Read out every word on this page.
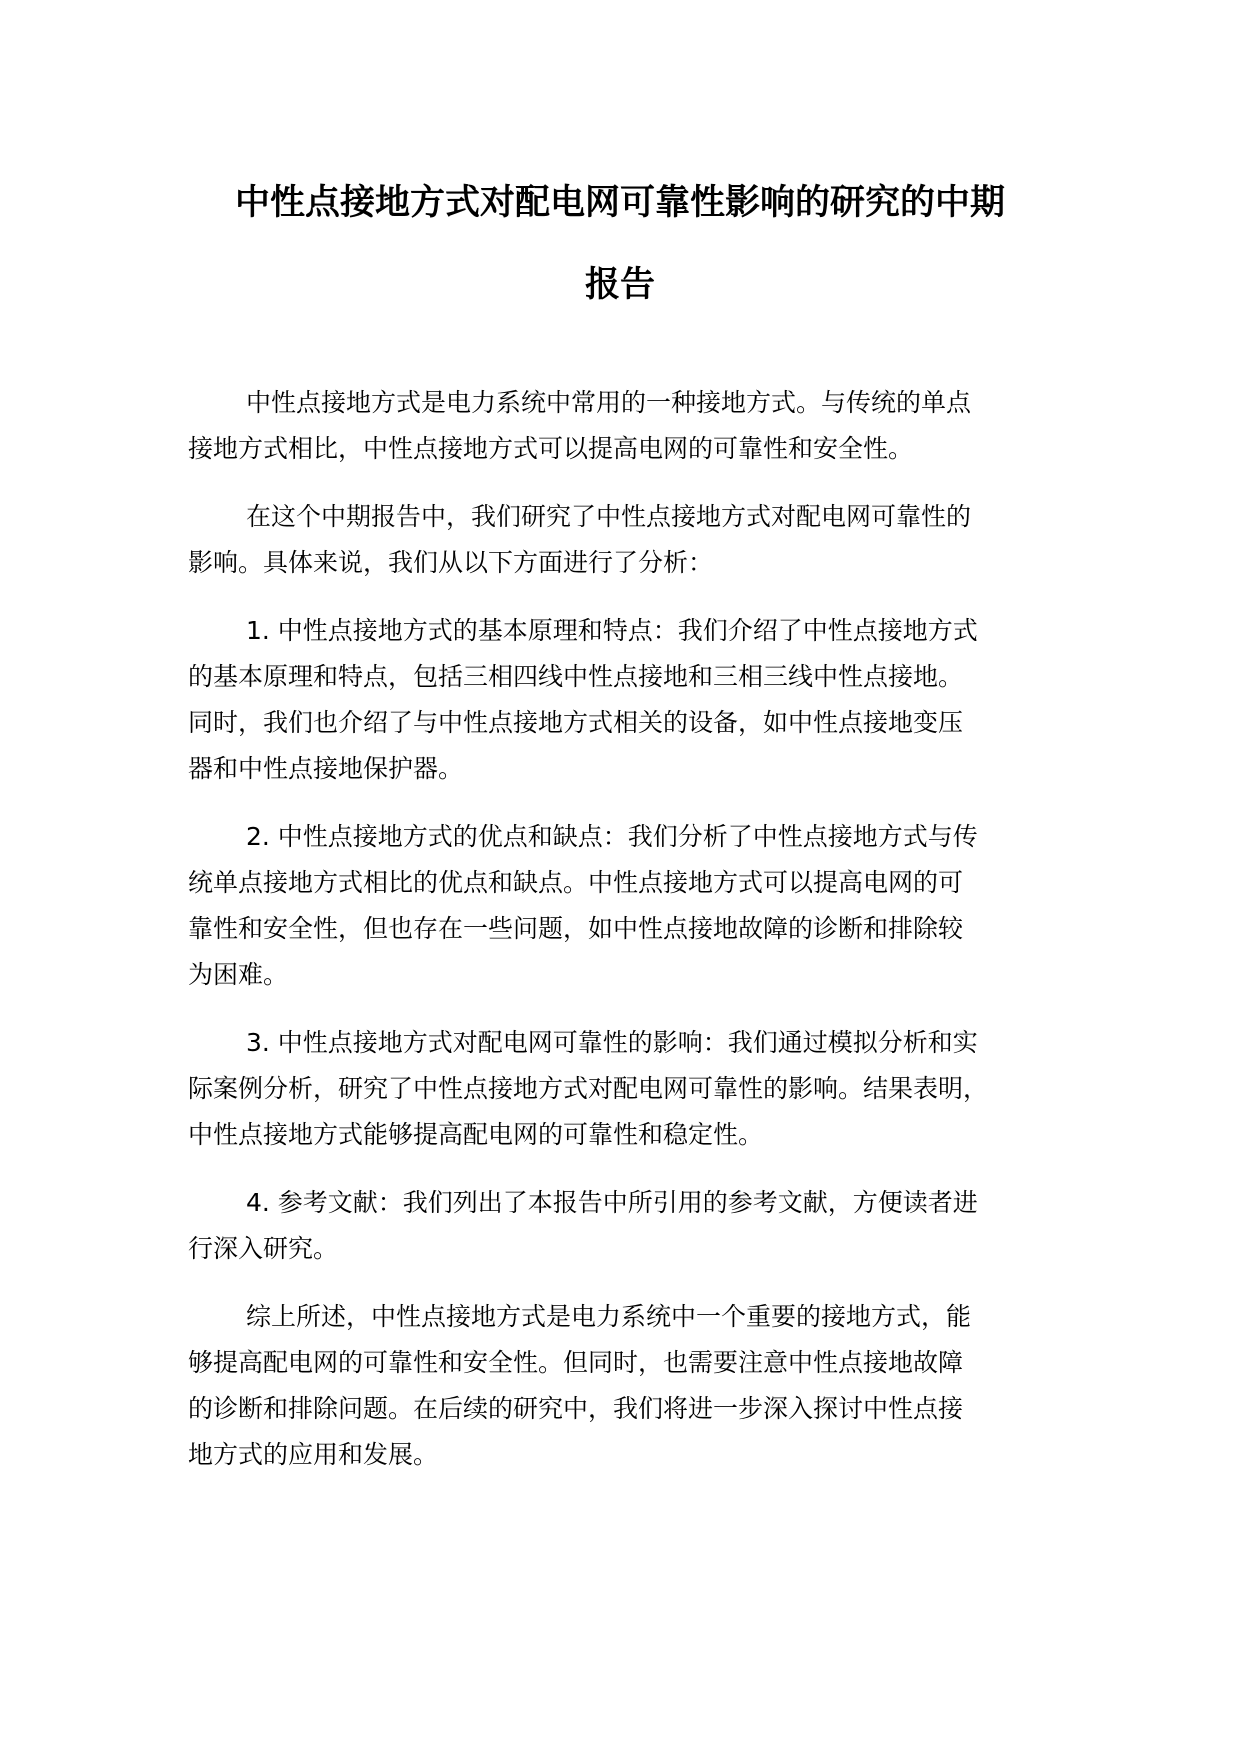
中性点接地方式对配电网可靠性影响的研究的中期
报告

中性点接地方式是电力系统中常用的一种接地方式。与传统的单点
接地方式相比，中性点接地方式可以提高电网的可靠性和安全性。

在这个中期报告中，我们研究了中性点接地方式对配电网可靠性的
影响。具体来说，我们从以下方面进行了分析：

1. 中性点接地方式的基本原理和特点：我们介绍了中性点接地方式
的基本原理和特点，包括三相四线中性点接地和三相三线中性点接地。
同时，我们也介绍了与中性点接地方式相关的设备，如中性点接地变压
器和中性点接地保护器。

2. 中性点接地方式的优点和缺点：我们分析了中性点接地方式与传
统单点接地方式相比的优点和缺点。中性点接地方式可以提高电网的可
靠性和安全性，但也存在一些问题，如中性点接地故障的诊断和排除较
为困难。

3. 中性点接地方式对配电网可靠性的影响：我们通过模拟分析和实
际案例分析，研究了中性点接地方式对配电网可靠性的影响。结果表明，
中性点接地方式能够提高配电网的可靠性和稳定性。

4. 参考文献：我们列出了本报告中所引用的参考文献，方便读者进
行深入研究。

综上所述，中性点接地方式是电力系统中一个重要的接地方式，能
够提高配电网的可靠性和安全性。但同时，也需要注意中性点接地故障
的诊断和排除问题。在后续的研究中，我们将进一步深入探讨中性点接
地方式的应用和发展。
